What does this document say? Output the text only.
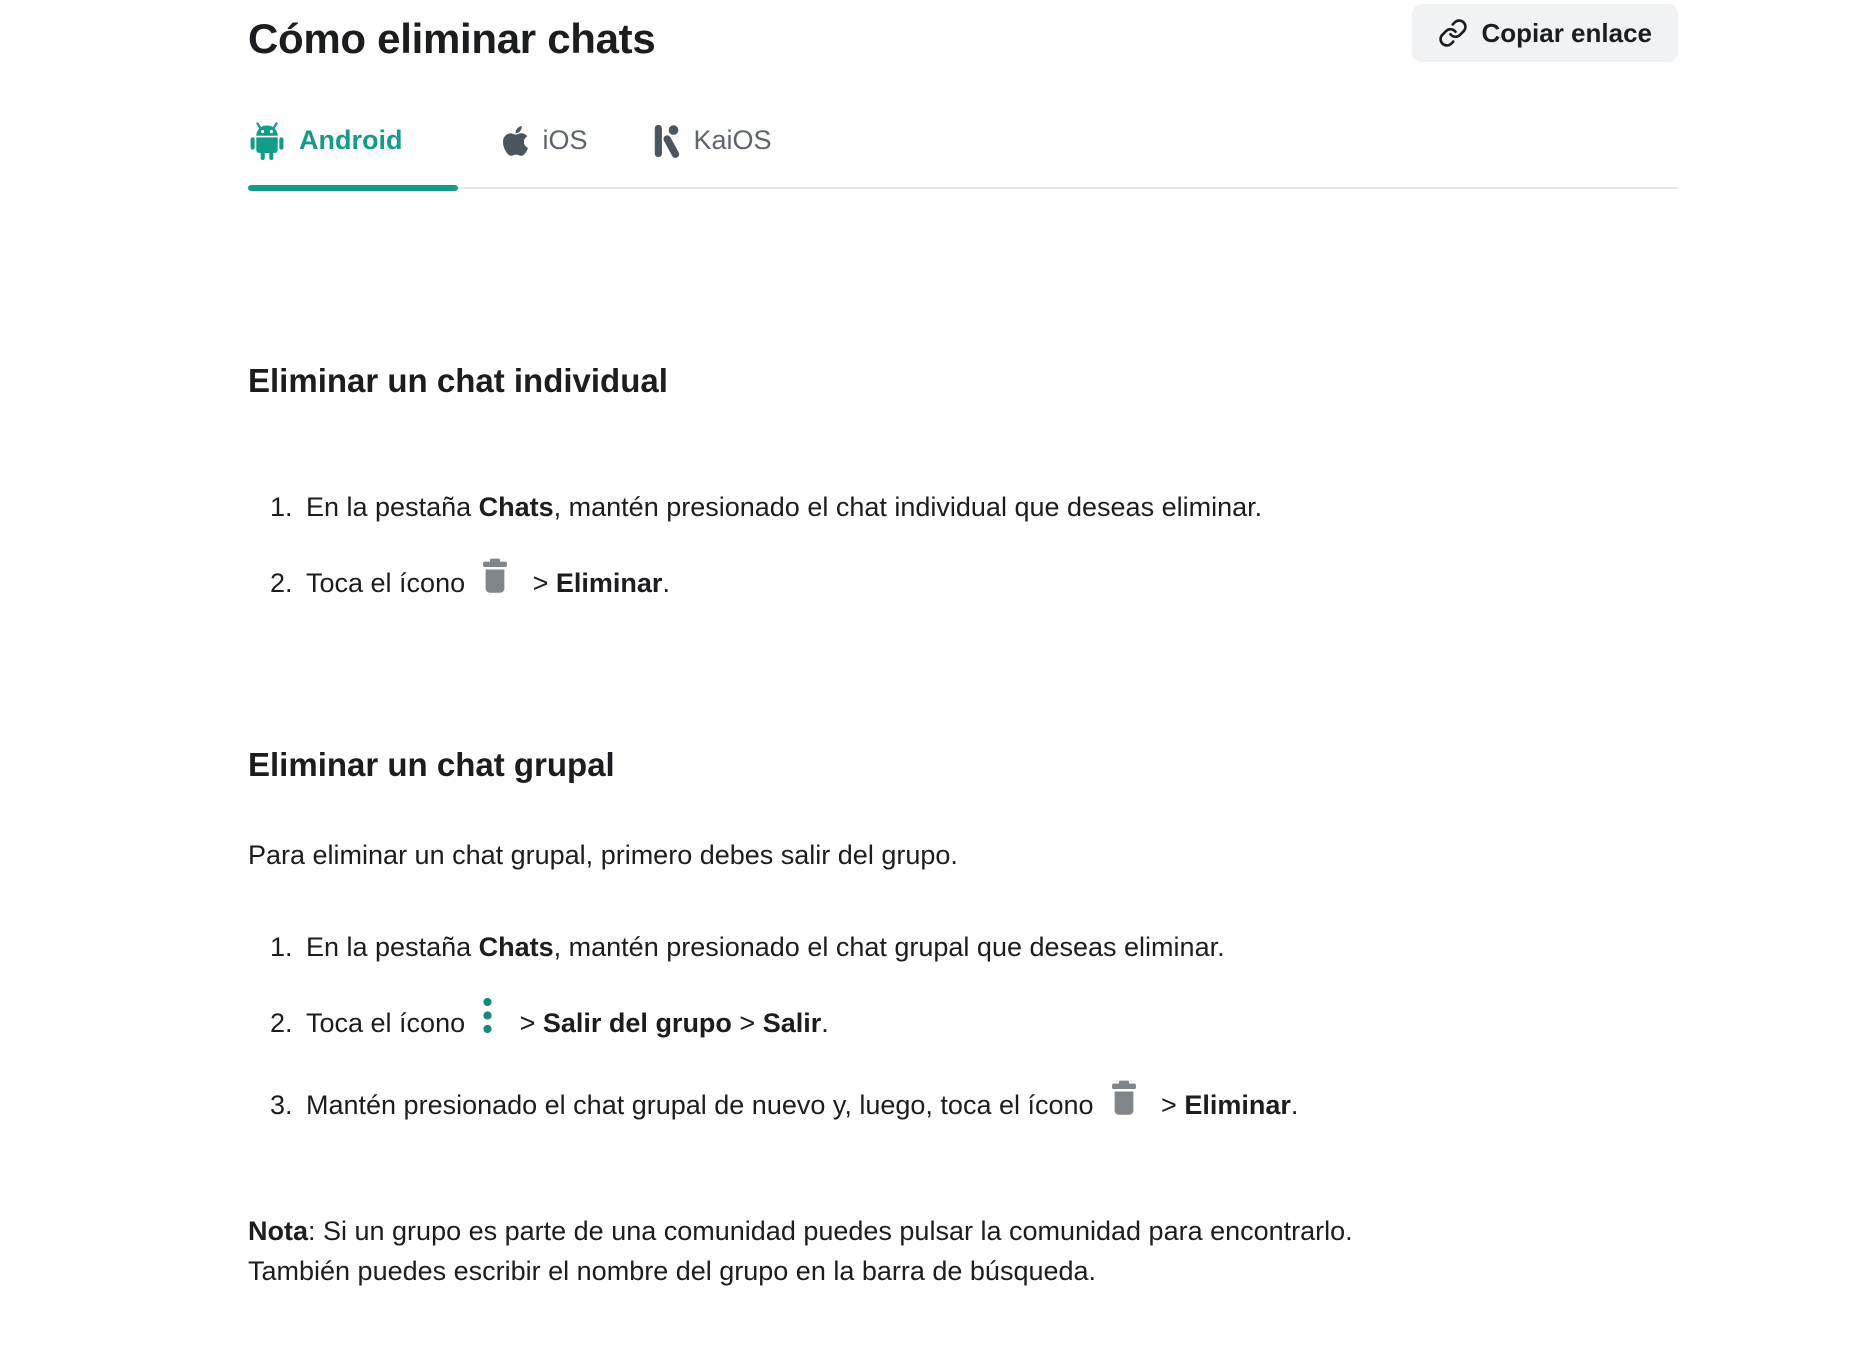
Cómo eliminar chats	Copiar enlace
Android	iOS	KaiOS
Eliminar un chat individual
1. En la pestaña Chats, mantén presionado el chat individual que deseas eliminar.
2. Toca el ícono > Eliminar.
Eliminar un chat grupal

Para eliminar un chat grupal, primero debes salir del grupo.

1. En la pestaña Chats, mantén presionado el chat grupal que deseas eliminar.
2. Toca el ícono > Salir del grupo > Salir.
3. Mantén presionado el chat grupal de nuevo y, luego, toca el ícono > Eliminar.

Nota: Si un grupo es parte de una comunidad puedes pulsar la comunidad para encontrarlo.
También puedes escribir el nombre del grupo en la barra de búsqueda.
